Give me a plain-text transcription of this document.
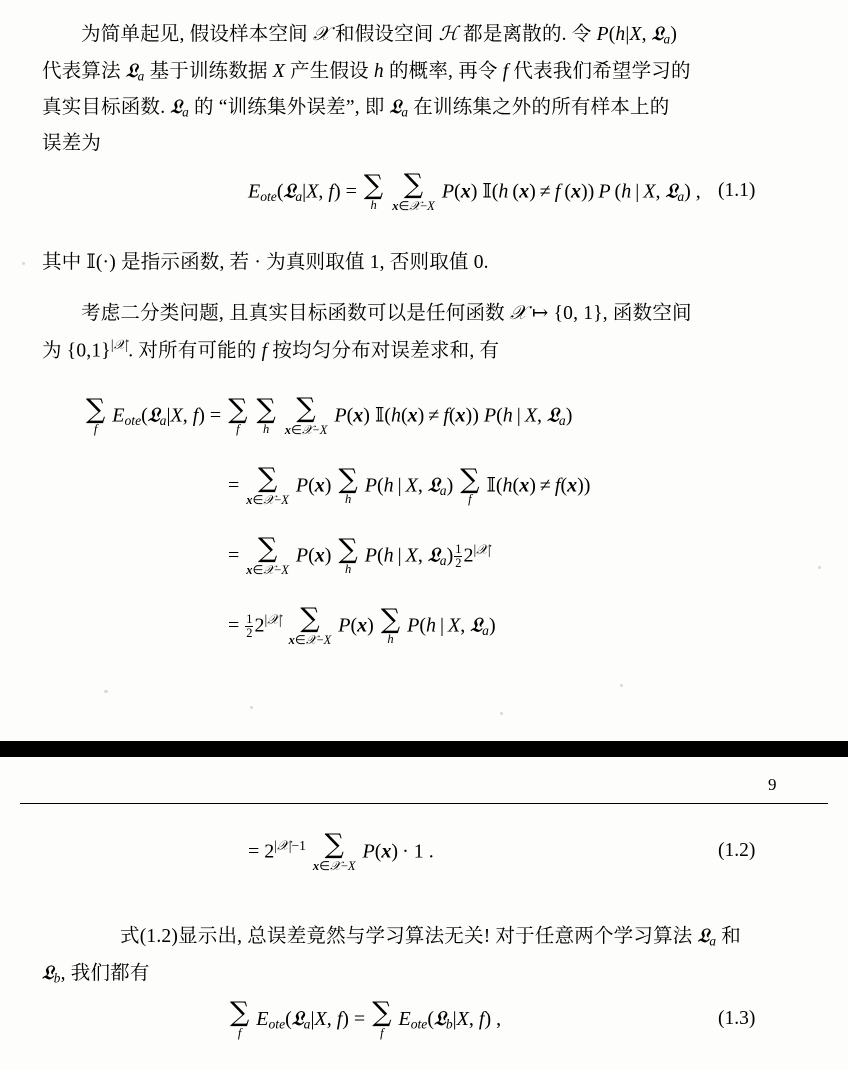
为简单起见, 假设样本空间 𝒳 和假设空间 ℋ 都是离散的. 令 P(h|X, 𝔏$_a$)
代表算法 𝔏$_a$ 基于训练数据 X 产生假设 h 的概率, 再令 f 代表我们希望学习的
真实目标函数. 𝔏$_a$ 的 “训练集外误差”, 即 𝔏$_a$ 在训练集之外的所有样本上的
误差为
$E_{ote}(𝔏_a|X$, f) = ∑
h

∑
x∈𝒳−X
P(x) 𝕀(h (x) ≠  f (x)) P (h  |  X, 𝔏$_a$) , (1.1)
其中 𝕀(·) 是指示函数, 若 · 为真则取值 1, 否则取值 0.
考虑二分类问题, 且真实目标函数可以是任何函数 𝒳 ↦ {0, 1}, 函数空间
为 $\{0,1\}^{|𝒳|}$. 对所有可能的 f 按均匀分布对误差求和, 有
∑
f
$E_{ote}(𝔏_a|X$, f) = ∑
f

∑
h

∑
x∈𝒳−X
P(x) 𝕀(h(x) ≠  f(x)) P(h  |  X, 𝔏$_a$)
= ∑
x∈𝒳−X
P(x) ∑
h
P(h  |  X, 𝔏$_a$) ∑
f
𝕀(h(x) ≠  f(x))
= ∑
x∈𝒳−X
P(x) ∑
h
P(h  |  X, 𝔏$_a$) $\frac{1}{2} 2^{|𝒳|}$
= $\frac{1}{2} 2^{|𝒳|}$ ∑
x∈𝒳−X
P(x) ∑
h
P(h  |  X, 𝔏$_a$)
9
= $2^{|𝒳|-1}$ ∑
x∈𝒳−X
P(x) · 1 .	(1.2)
式(1.2)显示出, 总误差竟然与学习算法无关! 对于任意两个学习算法 𝔏$_a$ 和
𝔏$_b$, 我们都有
∑
f
$E_{ote}(𝔏_a|X$, f) = ∑
f
$E_{ote}(𝔏_b|X$, f) ,	(1.3)
